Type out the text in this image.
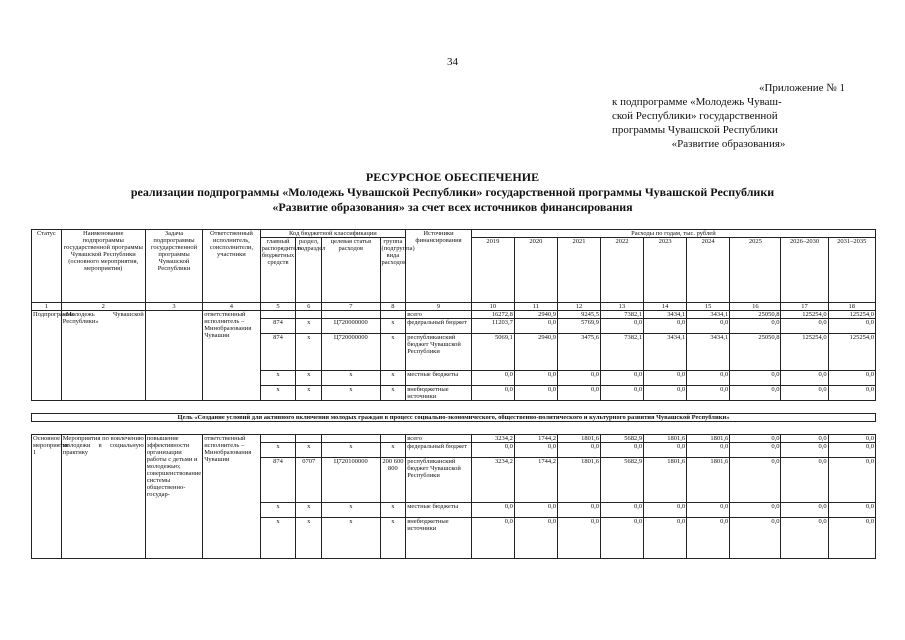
34
«Приложение № 1
к подпрограмме «Молодежь Чуваш-
ской Республики» государственной
программы Чувашской Республики
«Развитие образования»
РЕСУРСНОЕ ОБЕСПЕЧЕНИЕ
реализации подпрограммы «Молодежь Чувашской Республики» государственной программы Чувашской Республики
«Развитие образования» за счет всех источников финансирования
Статус	Наименование подпрограммы государственной программы Чувашской Республики (основного мероприятия, мероприятия)	Задача подпрограммы государственной программы Чувашской Республики	Ответственный исполнитель, соисполнители, участники	Код бюджетной классификации				Источники финансирования	Расходы по годам, тыс. рублей								
				главный распорядитель бюджетных средств	раздел, подраздел	целевая статья расходов	группа (подгруппа) вида расходов		2019	2020	2021	2022	2023	2024	2025	2026–2030	2031–2035

1	2	3	4	5	6	7	8	9	10	11	12	13	14	15	16	17	18
Подпрограмма	«Молодежь Чувашской Республики»		ответственный исполнитель – Минобразования Чувашии					всего	16272,8	2940,9	9245,5	7382,1	3434,1	3434,1	25050,8	125254,0	125254,0
				874	х	Ц720000000	х	федеральный бюджет	11203,7	0,0	5769,9	0,0	0,0	0,0	0,0	0,0	0,0
				874	х	Ц720000000	х	республиканский бюджет Чувашской Республики	5069,1	2940,9	3475,6	7382,1	3434,1	3434,1	25050,8	125254,0	125254,0
				х	х	х	х	местные бюджеты	0,0	0,0	0,0	0,0	0,0	0,0	0,0	0,0	0,0
				х	х	х	х	внебюджетные источники	0,0	0,0	0,0	0,0	0,0	0,0	0,0	0,0	0,0

Цель «Создание условий для активного включения молодых граждан в процесс социально-экономического, общественно-политического и культурного развития Чувашской Республики»																	

Основное мероприятие 1	Мероприятия по вовлечению молодежи в социальную практику	повышение эффективности организации работы с детьми и молодежью; совершенствование системы общественно-государ-	ответственный исполнитель – Минобразования Чувашии					всего	3234,2	1744,2	1801,6	5682,9	1801,6	1801,6	0,0	0,0	0,0
				х	х	х	х	федеральный бюджет	0,0	0,0	0,0	0,0	0,0	0,0	0,0	0,0	0,0
				874	0707	Ц720100000	200 600 800	республиканский бюджет Чувашской Республики	3234,2	1744,2	1801,6	5682,9	1801,6	1801,6	0,0	0,0	0,0
				х	х	х	х	местные бюджеты	0,0	0,0	0,0	0,0	0,0	0,0	0,0	0,0	0,0
				х	х	х	х	внебюджетные источники	0,0	0,0	0,0	0,0	0,0	0,0	0,0	0,0	0,0
